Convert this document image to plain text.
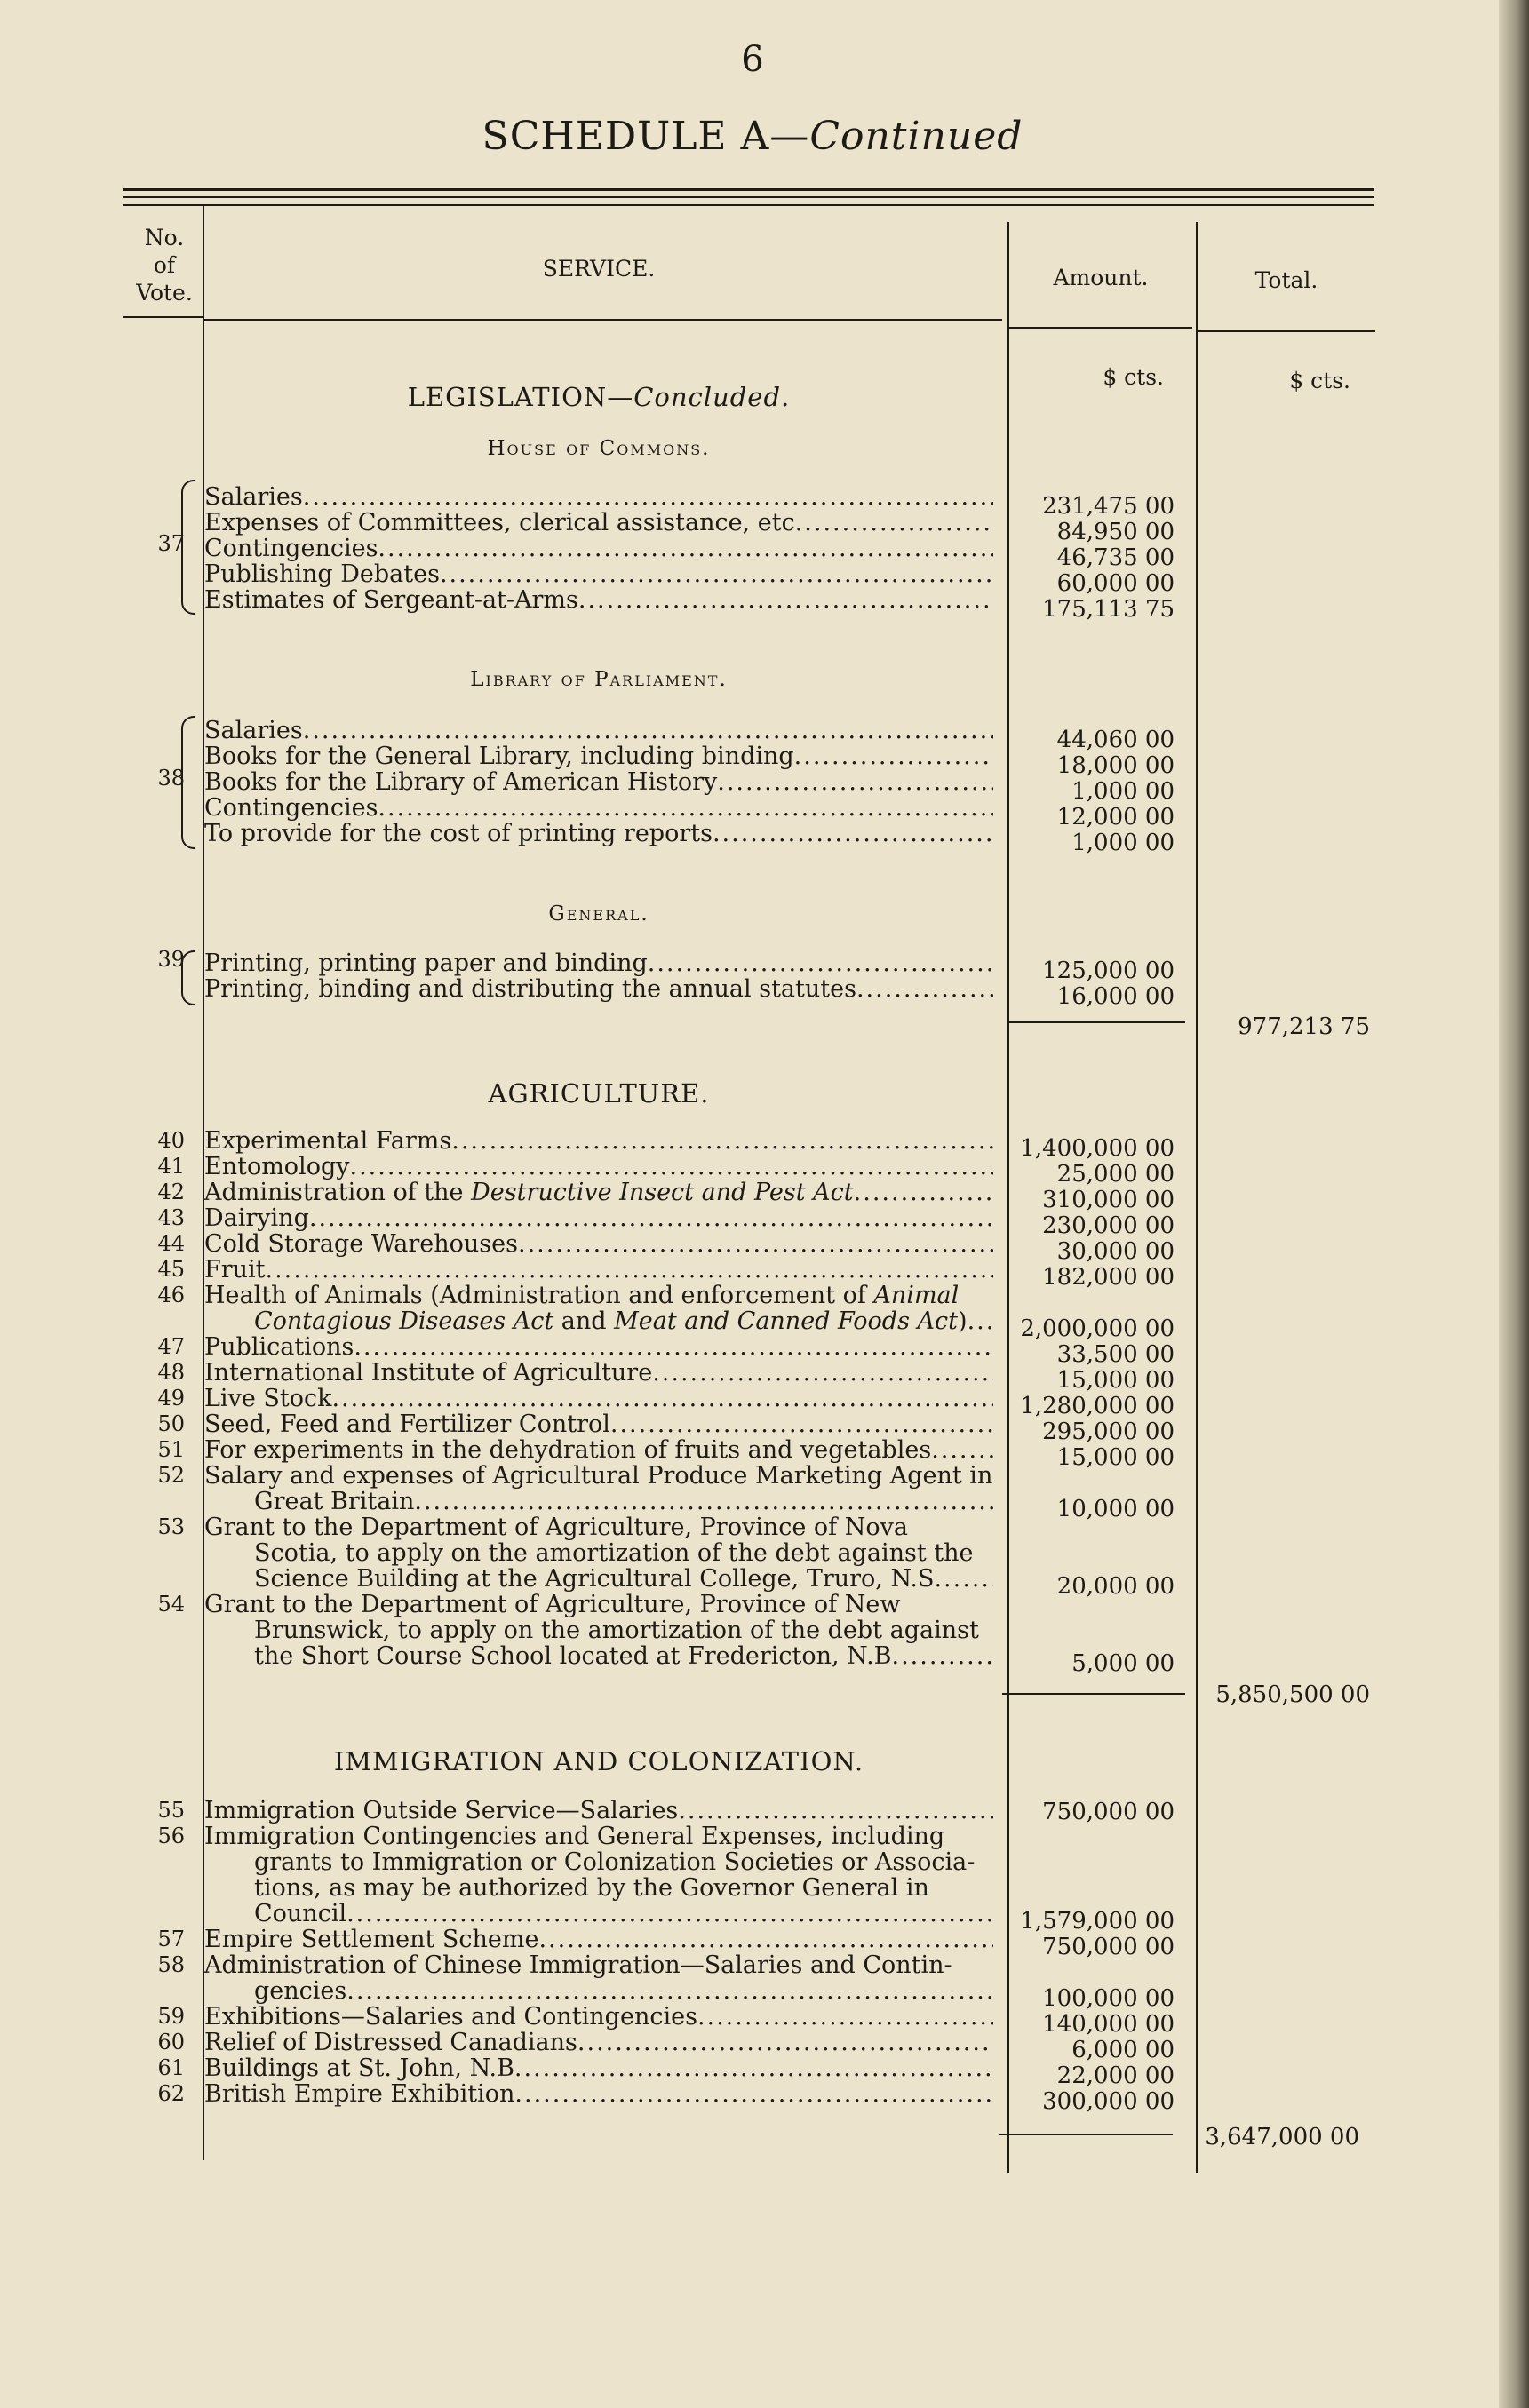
6
SCHEDULE A—Continued
No.
of
Vote.
SERVICE.	Amount.	Total.
$ cts.	$ cts.
LEGISLATION—Concluded.
House of Commons.
37
Salaries .....	231,475 00
Expenses of Committees, clerical assistance, etc .....	84,950 00
Contingencies .....	46,735 00
Publishing Debates .....	60,000 00
Estimates of Sergeant-at-Arms .....	175,113 75
Library of Parliament.
38
Salaries .....	44,060 00
Books for the General Library, including binding .....	18,000 00
Books for the Library of American History .....	1,000 00
Contingencies .....	12,000 00
To provide for the cost of printing reports .....	1,000 00
General.
39 Printing, printing paper and binding .....	125,000 00
Printing, binding and distributing the annual statutes .....	16,000 00
977,213 75
AGRICULTURE.
40 Experimental Farms .....	1,400,000 00
41 Entomology .....	25,000 00
42 Administration of the Destructive Insect and Pest Act .....	310,000 00
43 Dairying .....	230,000 00
44 Cold Storage Warehouses .....	30,000 00
45 Fruit .....	182,000 00
46 Health of Animals (Administration and enforcement of Animal
Contagious Diseases Act and Meat and Canned Foods Act) .....	2,000,000 00
47 Publications .....	33,500 00
48 International Institute of Agriculture .....	15,000 00
49 Live Stock .....	1,280,000 00
50 Seed, Feed and Fertilizer Control .....	295,000 00
51 For experiments in the dehydration of fruits and vegetables .....	15,000 00
52 Salary and expenses of Agricultural Produce Marketing Agent in
Great Britain .....	10,000 00
53 Grant to the Department of Agriculture, Province of Nova
Scotia, to apply on the amortization of the debt against the
Science Building at the Agricultural College, Truro, N.S .....	20,000 00
54 Grant to the Department of Agriculture, Province of New
Brunswick, to apply on the amortization of the debt against
the Short Course School located at Fredericton, N.B .....	5,000 00
5,850,500 00
IMMIGRATION AND COLONIZATION.
55 Immigration Outside Service—Salaries .....	750,000 00
56 Immigration Contingencies and General Expenses, including
grants to Immigration or Colonization Societies or Associa-
tions, as may be authorized by the Governor General in
Council .....	1,579,000 00
57 Empire Settlement Scheme .....	750,000 00
58 Administration of Chinese Immigration—Salaries and Contin-
gencies .....	100,000 00
59 Exhibitions—Salaries and Contingencies .....	140,000 00
60 Relief of Distressed Canadians .....	6,000 00
61 Buildings at St. John, N.B .....	22,000 00
62 British Empire Exhibition .....	300,000 00
3,647,000 00
